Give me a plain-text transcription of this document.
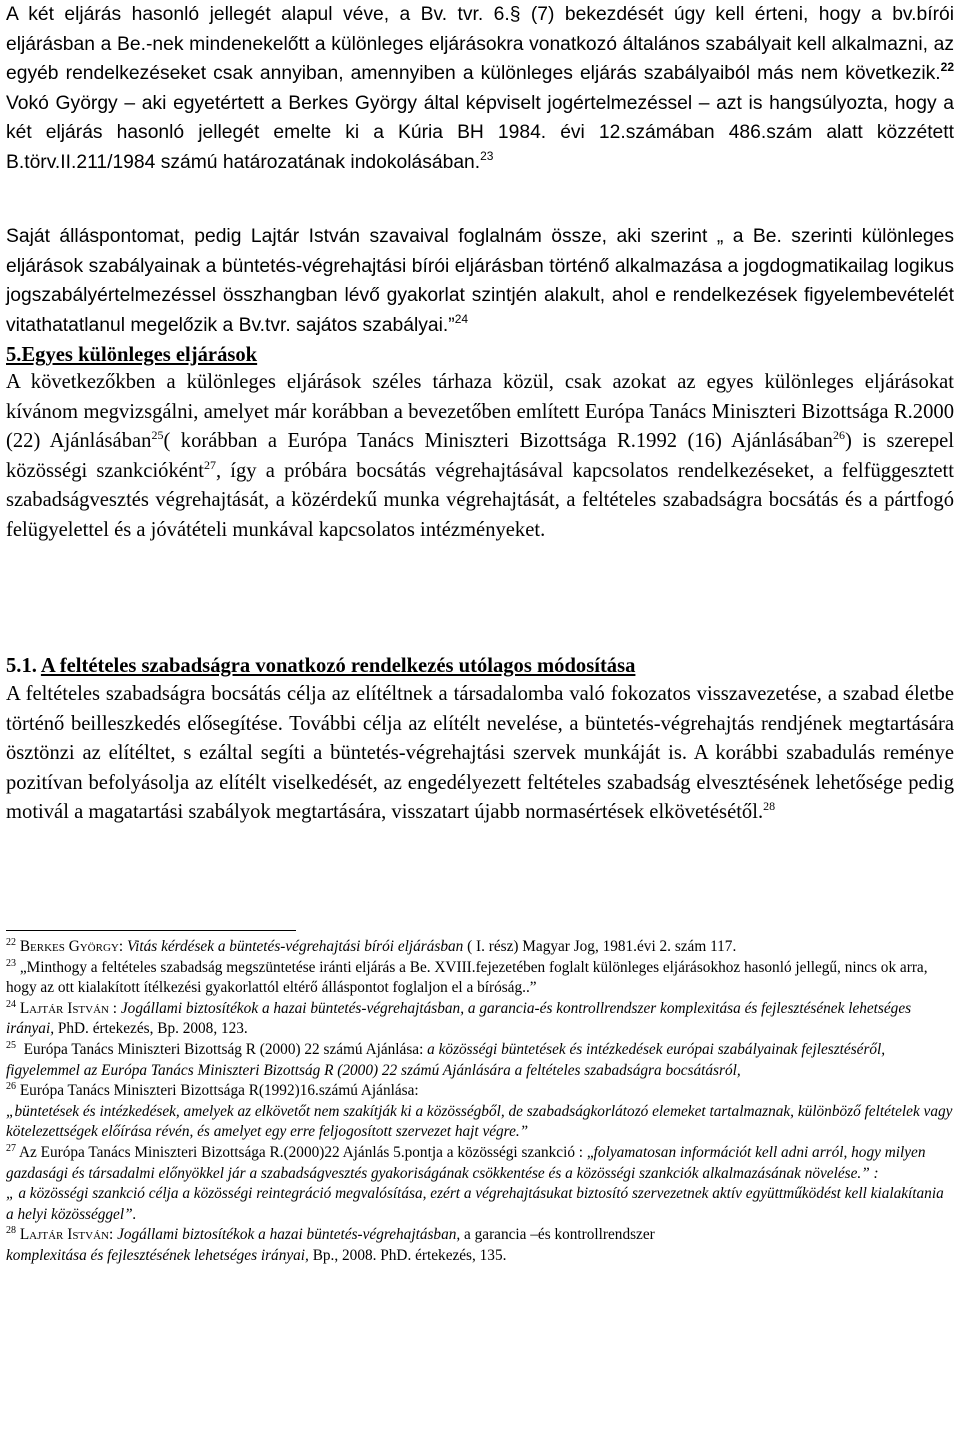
A két eljárás hasonló jellegét alapul véve, a Bv. tvr. 6.§ (7) bekezdését úgy kell érteni, hogy a bv.bírói eljárásban a Be.-nek mindenekelőtt a különleges eljárásokra vonatkozó általános szabályait kell alkalmazni, az egyéb rendelkezéseket csak annyiban, amennyiben a különleges eljárás szabályaiból más nem következik.$^{22}$ Vokó György – aki egyetértett a Berkes György által képviselt jogértelmezéssel – azt is hangsúlyozta, hogy a két eljárás hasonló jellegét emelte ki a Kúria BH 1984. évi 12.számában 486.szám alatt közzétett B.törv.II.211/1984 számú határozatának indokolásában.$^{23}$

Saját álláspontomat, pedig Lajtár István szavaival foglalnám össze, aki szerint „ a Be. szerinti különleges eljárások szabályainak a büntetés-végrehajtási bírói eljárásban történő alkalmazása a jogdogmatikailag logikus jogszabályértelmezéssel összhangban lévő gyakorlat szintjén alakult, ahol e rendelkezések figyelembevételét vitathatatlanul megelőzik a Bv.tvr. sajátos szabályai.”$^{24}$

5.Egyes különleges eljárások

A következőkben a különleges eljárások széles tárhaza közül, csak azokat az egyes különleges eljárásokat kívánom megvizsgálni, amelyet már korábban a bevezetőben említett Európa Tanács Miniszteri Bizottsága R.2000 (22) Ajánlásában$^{25}$( korábban a Európa Tanács Miniszteri Bizottsága R.1992 (16) Ajánlásában$^{26}$) is szerepel közösségi szankcióként$^{27}$, így a próbára bocsátás végrehajtásával kapcsolatos rendelkezéseket, a felfüggesztett szabadságvesztés végrehajtását, a közérdekű munka végrehajtását, a feltételes szabadságra bocsátás és a pártfogó felügyelettel és a jóvátételi munkával kapcsolatos intézményeket.

5.1. A feltételes szabadságra vonatkozó rendelkezés utólagos módosítása

A feltételes szabadságra bocsátás célja az elítéltnek a társadalomba való fokozatos visszavezetése, a szabad életbe történő beilleszkedés elősegítése. További célja az elítélt nevelése, a büntetés-végrehajtás rendjének megtartására ösztönzi az elítéltet, s ezáltal segíti a büntetés-végrehajtási szervek munkáját is. A korábbi szabadulás reménye pozitívan befolyásolja az elítélt viselkedését, az engedélyezett feltételes szabadság elvesztésének lehetősége pedig motivál a magatartási szabályok megtartására, visszatart újabb normasértések elkövetésétől.$^{28}$

$^{22}$ Berkes György: Vitás kérdések a büntetés-végrehajtási bírói eljárásban ( I. rész) Magyar Jog, 1981.évi 2. szám 117.

$^{23}$ „Minthogy a feltételes szabadság megszüntetése iránti eljárás a Be. XVIII.fejezetében foglalt különleges eljárásokhoz hasonló jellegű, nincs ok arra, hogy az ott kialakított ítélkezési gyakorlattól eltérő álláspontot foglaljon el a bíróság..”

$^{24}$ Lajtár István : Jogállami biztosítékok a hazai büntetés-végrehajtásban, a garancia-és kontrollrendszer komplexitása és fejlesztésének lehetséges irányai, PhD. értekezés, Bp. 2008, 123.

$^{25}$ Európa Tanács Miniszteri Bizottság R (2000) 22 számú Ajánlása: a közösségi büntetések és intézkedések európai szabályainak fejlesztéséről, figyelemmel az Európa Tanács Miniszteri Bizottság R (2000) 22 számú Ajánlására a feltételes szabadságra bocsátásról,

$^{26}$ Európa Tanács Miniszteri Bizottsága R(1992)16.számú Ajánlása:
„büntetések és intézkedések, amelyek az elkövetőt nem szakítják ki a közösségből, de szabadságkorlátozó elemeket tartalmaznak, különböző feltételek vagy kötelezettségek előírása révén, és amelyet egy erre feljogosított szervezet hajt végre.”

$^{27}$ Az Európa Tanács Miniszteri Bizottsága R.(2000)22 Ajánlás 5.pontja a közösségi szankció : „folyamatosan információt kell adni arról, hogy milyen gazdasági és társadalmi előnyökkel jár a szabadságvesztés gyakoriságának csökkentése és a közösségi szankciók alkalmazásának növelése.” :
„ a közösségi szankció célja a közösségi reintegráció megvalósítása, ezért a végrehajtásukat biztosító szervezetnek aktív együttműködést kell kialakítania a helyi közösséggel”.

$^{28}$ Lajtár István: Jogállami biztosítékok a hazai büntetés-végrehajtásban, a garancia –és kontrollrendszer
komplexitása és fejlesztésének lehetséges irányai, Bp., 2008. PhD. értekezés, 135.
